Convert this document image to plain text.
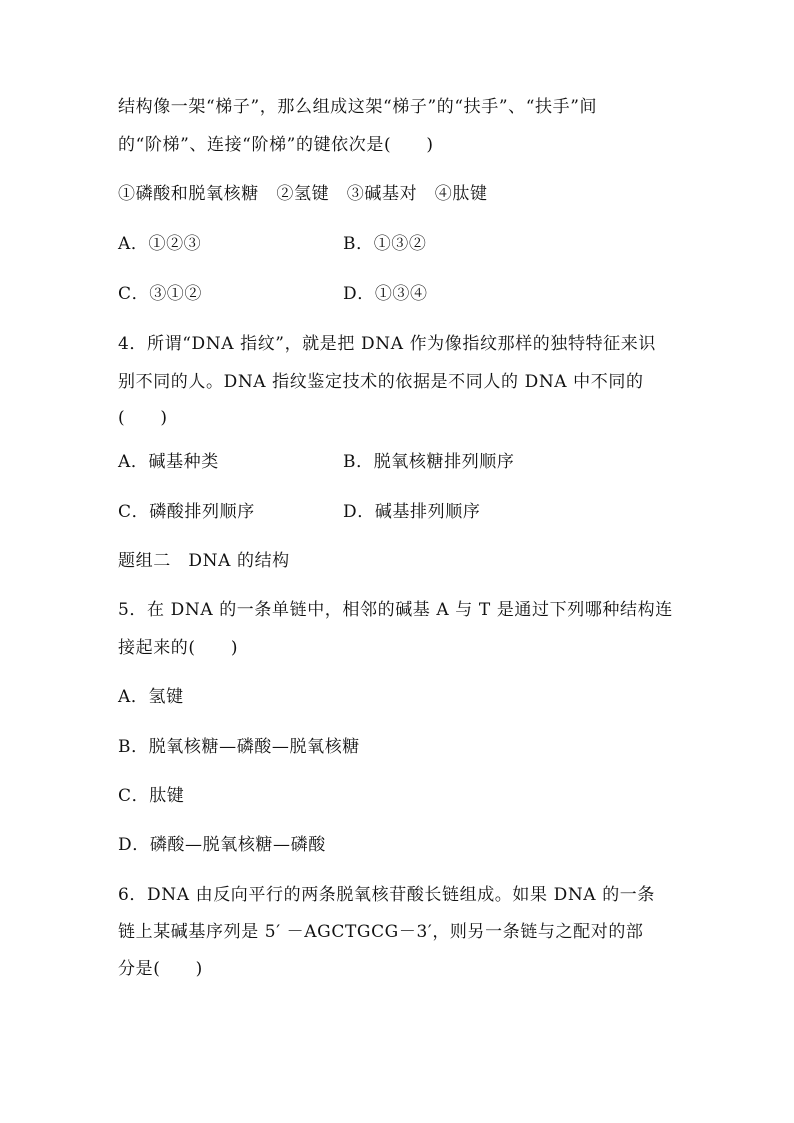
结构像一架“梯子”，那么组成这架“梯子”的“扶手”、“扶手”间
的“阶梯”、连接“阶梯”的键依次是(　　)
①磷酸和脱氧核糖　②氢键　③碱基对　④肽键
A．①②③	B．①③②
C．③①②	D．①③④
4．所谓“DNA 指纹”，就是把 DNA 作为像指纹那样的独特特征来识
别不同的人。DNA 指纹鉴定技术的依据是不同人的 DNA 中不同的
(　　)
A．碱基种类	B．脱氧核糖排列顺序
C．磷酸排列顺序	D．碱基排列顺序
题组二　DNA 的结构
5．在 DNA 的一条单链中，相邻的碱基 A 与 T 是通过下列哪种结构连
接起来的(　　)
A．氢键
B．脱氧核糖—磷酸—脱氧核糖
C．肽键
D．磷酸—脱氧核糖—磷酸
6．DNA 由反向平行的两条脱氧核苷酸长链组成。如果 DNA 的一条
链上某碱基序列是 5′ －AGCTGCG－3′，则另一条链与之配对的部
分是(　　)
